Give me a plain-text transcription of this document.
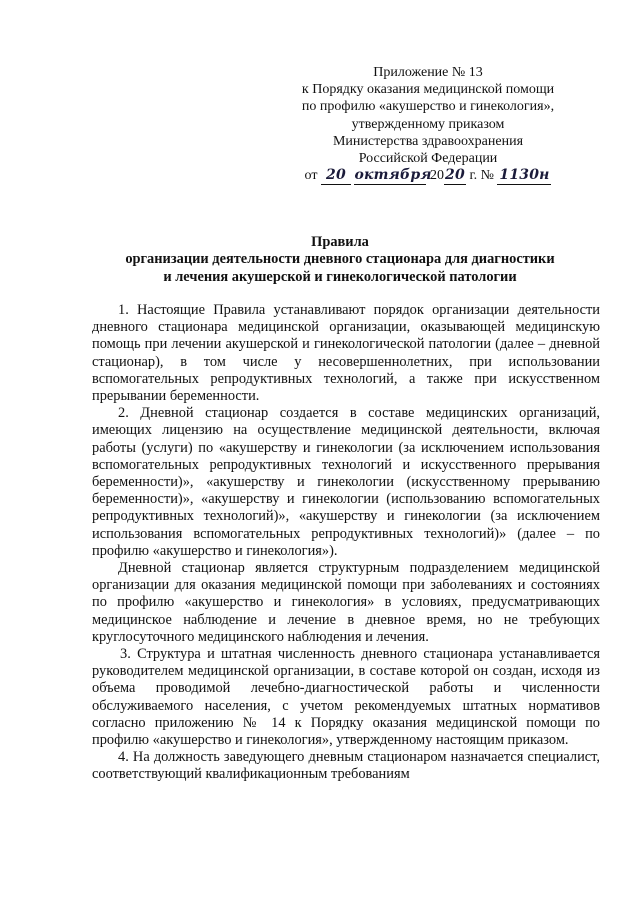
Приложение № 13
к Порядку оказания медицинской помощи
по профилю «акушерство и гинекология»,
утвержденному приказом
Министерства здравоохранения
Российской Федерации
от 20 октября 2020 г. № 1130н
Правила
организации деятельности дневного стационара для диагностики
и лечения акушерской и гинекологической патологии

1. Настоящие Правила устанавливают порядок организации деятельности дневного стационара медицинской организации, оказывающей медицинскую помощь при лечении акушерской и гинекологической патологии (далее – дневной стационар), в том числе у несовершеннолетних, при использовании вспомогательных репродуктивных технологий, а также при искусственном прерывании беременности.

2. Дневной стационар создается в составе медицинских организаций, имеющих лицензию на осуществление медицинской деятельности, включая работы (услуги) по «акушерству и гинекологии (за исключением использования вспомогательных репродуктивных технологий и искусственного прерывания беременности)», «акушерству и гинекологии (искусственному прерыванию беременности)», «акушерству и гинекологии (использованию вспомогательных репродуктивных технологий)», «акушерству и гинекологии (за исключением использования вспомогательных репродуктивных технологий)» (далее – по профилю «акушерство и гинекология»).

Дневной стационар является структурным подразделением медицинской организации для оказания медицинской помощи при заболеваниях и состояниях по профилю «акушерство и гинекология» в условиях, предусматривающих медицинское наблюдение и лечение в дневное время, но не требующих круглосуточного медицинского наблюдения и лечения.

3. Структура и штатная численность дневного стационара устанавливается руководителем медицинской организации, в составе которой он создан, исходя из объема проводимой лечебно-диагностической работы и численности обслуживаемого населения, с учетом рекомендуемых штатных нормативов согласно приложению № 14 к Порядку оказания медицинской помощи по профилю «акушерство и гинекология», утвержденному настоящим приказом.

4. На должность заведующего дневным стационаром назначается специалист, соответствующий квалификационным требованиям
